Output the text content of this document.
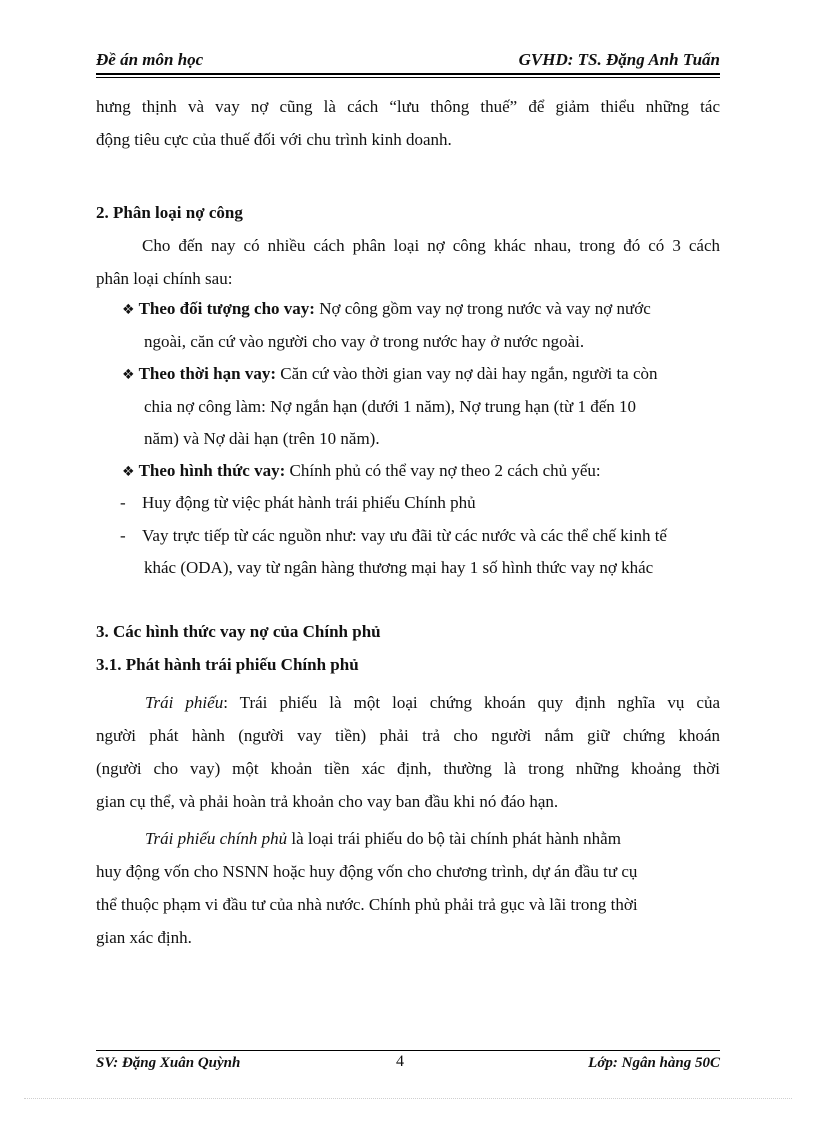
Đề án môn học	GVHD: TS. Đặng Anh Tuấn
hưng thịnh và vay nợ cũng là cách “lưu thông thuế” để giảm thiểu những tác
động tiêu cực của thuế đối với chu trình kinh doanh.
2. Phân loại nợ công
Cho đến nay có nhiều cách phân loại nợ công khác nhau, trong đó có 3 cách
phân loại chính sau:
❖ Theo đối tượng cho vay: Nợ công gồm vay nợ trong nước và vay nợ nước
ngoài, căn cứ vào người cho vay ở trong nước hay ở nước ngoài.
❖ Theo thời hạn vay: Căn cứ vào thời gian vay nợ dài hay ngắn, người ta còn
chia nợ công làm: Nợ ngắn hạn (dưới 1 năm), Nợ trung hạn (từ 1 đến 10
năm) và Nợ dài hạn (trên 10 năm).
❖ Theo hình thức vay: Chính phủ có thể vay nợ theo 2 cách chủ yếu:
- Huy động từ việc phát hành trái phiếu Chính phủ
- Vay trực tiếp từ các nguồn như: vay ưu đãi từ các nước và các thể chế kinh tế
khác (ODA), vay từ ngân hàng thương mại hay 1 số hình thức vay nợ khác
3. Các hình thức vay nợ của Chính phủ
3.1. Phát hành trái phiếu Chính phủ
Trái phiếu: Trái phiếu là một loại chứng khoán quy định nghĩa vụ của
người phát hành (người vay tiền) phải trả cho người nắm giữ chứng khoán
(người cho vay) một khoản tiền xác định, thường là trong những khoảng thời
gian cụ thể, và phải hoàn trả khoản cho vay ban đầu khi nó đáo hạn.
Trái phiếu chính phủ là loại trái phiếu do bộ tài chính phát hành nhằm
huy động vốn cho NSNN hoặc huy động vốn cho chương trình, dự án đầu tư cụ
thể thuộc phạm vi đầu tư của nhà nước. Chính phủ phải trả gục và lãi trong thời
gian xác định.
SV: Đặng Xuân Quỳnh	4	Lớp: Ngân hàng 50C
